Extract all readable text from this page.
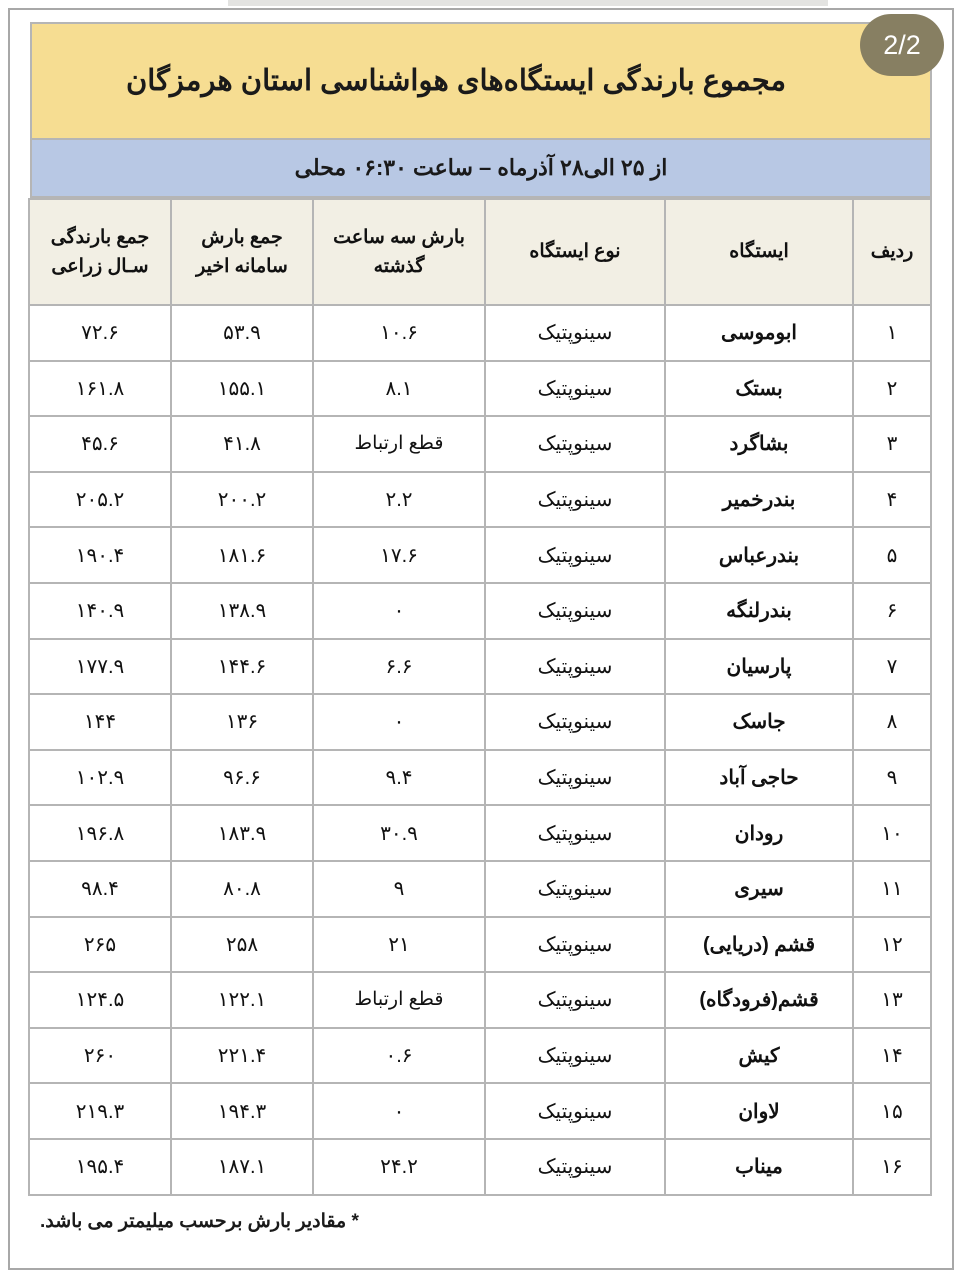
2/2
مجموع بارندگی ایستگاه‌های هواشناسی استان هرمزگان
از ۲۵ الی۲۸ آذرماه – ساعت ۰۶:۳۰ محلی
ردیف	ایستگاه	نوع ایستگاه	بارش سه ساعت گذشته	جمع بارش سامانه اخیر	جمع بارندگی سـال زراعی
۱	ابوموسی	سینوپتیک	۱۰.۶	۵۳.۹	۷۲.۶
۲	بستک	سینوپتیک	۸.۱	۱۵۵.۱	۱۶۱.۸
۳	بشاگرد	سینوپتیک	قطع ارتباط	۴۱.۸	۴۵.۶
۴	بندرخمیر	سینوپتیک	۲.۲	۲۰۰.۲	۲۰۵.۲
۵	بندرعباس	سینوپتیک	۱۷.۶	۱۸۱.۶	۱۹۰.۴
۶	بندرلنگه	سینوپتیک	۰	۱۳۸.۹	۱۴۰.۹
۷	پارسیان	سینوپتیک	۶.۶	۱۴۴.۶	۱۷۷.۹
۸	جاسک	سینوپتیک	۰	۱۳۶	۱۴۴
۹	حاجی آباد	سینوپتیک	۹.۴	۹۶.۶	۱۰۲.۹
۱۰	رودان	سینوپتیک	۳۰.۹	۱۸۳.۹	۱۹۶.۸
۱۱	سیری	سینوپتیک	۹	۸۰.۸	۹۸.۴
۱۲	قشم (دریایی)	سینوپتیک	۲۱	۲۵۸	۲۶۵
۱۳	قشم(فرودگاه)	سینوپتیک	قطع ارتباط	۱۲۲.۱	۱۲۴.۵
۱۴	کیش	سینوپتیک	۰.۶	۲۲۱.۴	۲۶۰
۱۵	لاوان	سینوپتیک	۰	۱۹۴.۳	۲۱۹.۳
۱۶	میناب	سینوپتیک	۲۴.۲	۱۸۷.۱	۱۹۵.۴
* مقادیر بارش برحسب میلیمتر می باشد.
